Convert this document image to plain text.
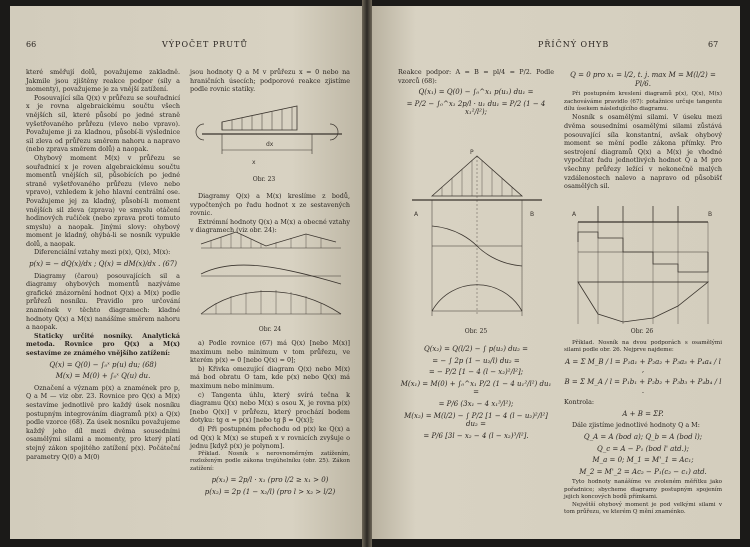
66	VÝPOČET PRUTŮ

které směřují dolů, považujeme zakladně. Jakmile jsou zjištěny reakce podpor (síly a momenty), považujeme je za vnější zatížení.

Posouvající síla Q(x) v průřezu se souřadnicí x je rovna algebraickému součtu všech vnějších sil, které působí po jedné straně vyšetřovaného průřezu (vlevo nebo vpravo). Považujeme ji za kladnou, působí-li výslednice sil zleva od průřezu směrem nahoru a napravo (nebo zprava směrem dolů) a naopak.

Ohybový moment M(x) v průřezu se souřadnicí x je roven algebraickému součtu momentů vnějších sil, působících po jedné straně vyšetřovaného průřezu (vlevo nebo vpravo), vzhledem k jeho hlavní centrální ose. Považujeme jej za kladný, působí-li moment vnějších sil zleva (zprava) ve smyslu otáčení hodinových ručiček (nebo zprava proti tomuto smyslu) a naopak. Jinými slovy: ohybový moment je kladný, ohýbá-li se nosník vypukle dolů, a naopak.

Diferenciální vztahy mezi p(x), Q(x), M(x):

p(x) = − dQ(x)/dx ; Q(x) = dM(x)/dx . (67)

Diagramy (čarou) posouvajících sil a diagramy ohybových momentů nazýváme grafické znázornění hodnot Q(x) a M(x) podle průřezů nosníku. Pravidlo pro určování znamének v těchto diagramech: kladné hodnoty Q(x) a M(x) nanášíme směrem nahoru a naopak.

Staticky určité nosníky. Analytická metoda. Rovnice pro Q(x) a M(x) sestavíme ze známého vnějšího zatížení:

Q(x) = Q(0) − ∫₀ˣ p(u) du; (68)
M(x) = M(0) + ∫₀ˣ Q(u) du.

Označení a význam p(x) a znamének pro p, Q a M — viz obr. 23. Rovnice pro Q(x) a M(x) sestavíme jednotlivě pro každý úsek nosníku postupným integrováním diagramů p(x) a Q(x) podle vzorce (68). Za úsek nosníku považujeme každý jeho díl mezi dvěma sousedními osamělými silami a momenty, pro který platí stejný zákon spojitého zatížení p(x). Počáteční parametry Q(0) a M(0)

jsou hodnoty Q a M v průřezu x = 0 nebo na hraničních úsecích; podporové reakce zjistíme podle rovnic statiky.

x
dx
Obr. 23

Diagramy Q(x) a M(x) kreslíme z bodů, vypočtených po řadu hodnot x ze sestavených rovnic.

Extrémní hodnoty Q(x) a M(x) a obecné vztahy v diagramech (viz obr. 24):

Obr. 24

a) Podle rovnice (67) má Q(x) [nebo M(x)] maximum nebo minimum v tom průřezu, ve kterém p(x) = 0 [nebo Q(x) = 0];

b) Křivka omezující diagram Q(x) nebo M(x) má bod obratu O tam, kde p(x) nebo Q(x) má maximum nebo minimum.

c) Tangenta úhlu, který svírá tečna k diagramu Q(x) nebo M(x) s osou X, je rovna p(x) [nebo Q(x)] v průřezu, který prochází bodem dotyku: tg α = p(x) [nebo tg β = Q(x)];

d) Při postupném přechodu od p(x) ke Q(x) a od Q(x) k M(x) se stupeň x v rovnicích zvyšuje o jednu [když p(x) je polynom].

Příklad. Nosník s nerovnoměrným zatížením, rozloženým podle zákona trojúhelníku (obr. 25). Zákon zatížení:

p(x₁) = 2p/l · x₁ (pro l/2 ≥ x₁ > 0)
p(x₂) = 2p (1 − x₂/l) (pro l > x₂ > l/2)
PŘÍČNÝ OHYB	67

Reakce podpor: A = B = pl/4 = P/2. Podle vzorců (68):

Q(x₁) = Q(0) − ∫₀^x₁ p(u₁) du₁ =
= P/2 − ∫₀^x₁ 2p/l · u₁ du₁ = P/2 (1 − 4 x₁²/l²);
P
A	B
Obr. 25
Q(x₂) = Q(l/2) − ∫ p(u₂) du₂ =
= − ∫ 2p (1 − u₂/l) du₂ =
= − P/2 [1 − 4 (l − x₂)²/l²];
M(x₁) = M(0) + ∫₀^x₁ P/2 (1 − 4 u₁²/l²) du₁ =
= P/6 (3x₁ − 4 x₁³/l²);
M(x₂) = M(l/2) − ∫ P/2 [1 − 4 (l − u₂)²/l²] du₂ =
= P/6 [3l − x₂ − 4 (l − x₂)³/l²].
Q = 0 pro x₁ = l/2, t. j. max M = M(l/2) = Pl/6.

Při postupném kreslení diagramů p(x), Q(x), M(x) zachováváme pravidlo (67): potažnice určuje tangentu dílu úsekem následujícího diagramu.

Nosník s osamělými silami. V úseku mezi dvěma sousedními osamělými silami zůstává posouvající síla konstantní, avšak ohybový moment se mění podle zákona přímky. Pro sestrojení diagramů Q(x) a M(x) je vhodné vypočítat řadu jednotlivých hodnot Q a M pro všechny průřezy ležící v nekonečně malých vzdálenostech nalevo a napravo od působišť osamělých sil.

A	B
Obr. 26

Příklad. Nosník na dvou podporách s osamělými silami podle obr. 26. Nejprve najdeme:

A = Σ M_B / l = P₁a₁ + P₂a₂ + P₃a₃ + P₄a₄ / l ,
B = Σ M_A / l = P₁b₁ + P₂b₂ + P₃b₃ + P₄b₄ / l .

Kontrola:

A + B = ΣP.

Dále zjistíme jednotlivé hodnoty Q a M:

Q_A = A (bod a); Q_b = A (bod l);
Q_c = A − P₁ (bod l' atd.);
M_a = 0; M_1 = M'_1 = Ac₁;
M_2 = M'_2 = Ac₂ − P₁(c₂ − c₁) atd.

Tyto hodnoty nanášíme ve zvoleném měřítku jako pořadnice; sbycheme diagramy postupným spojením jejich koncových bodů přímkami.

Největší ohybový moment je pod velkými silami v tom průřezu, ve kterém Q mění znaménko.
